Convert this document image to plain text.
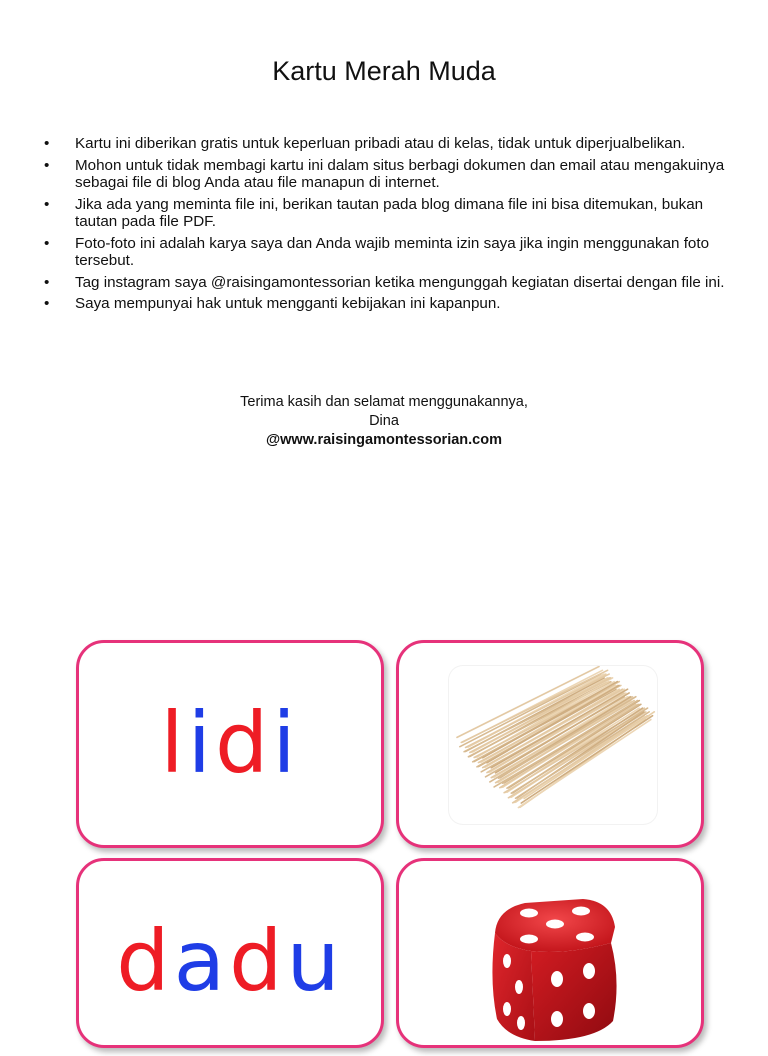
Kartu Merah Muda
• Kartu ini diberikan gratis untuk keperluan pribadi atau di kelas, tidak untuk diperjualbelikan.
• Mohon untuk tidak membagi kartu ini dalam situs berbagi dokumen dan email atau mengakuinya sebagai file di blog Anda atau file manapun di internet.
• Jika ada yang meminta file ini, berikan tautan pada blog dimana file ini bisa ditemukan, bukan tautan pada file PDF.
• Foto-foto ini adalah karya saya dan Anda wajib meminta izin saya jika ingin menggunakan foto tersebut.
• Tag instagram saya @raisingamontessorian ketika mengunggah kegiatan disertai dengan file ini.
• Saya mempunyai hak untuk mengganti kebijakan ini kapanpun.
Terima kasih dan selamat menggunakannya,
Dina
@www.raisingamontessorian.com
lidi
dadu
